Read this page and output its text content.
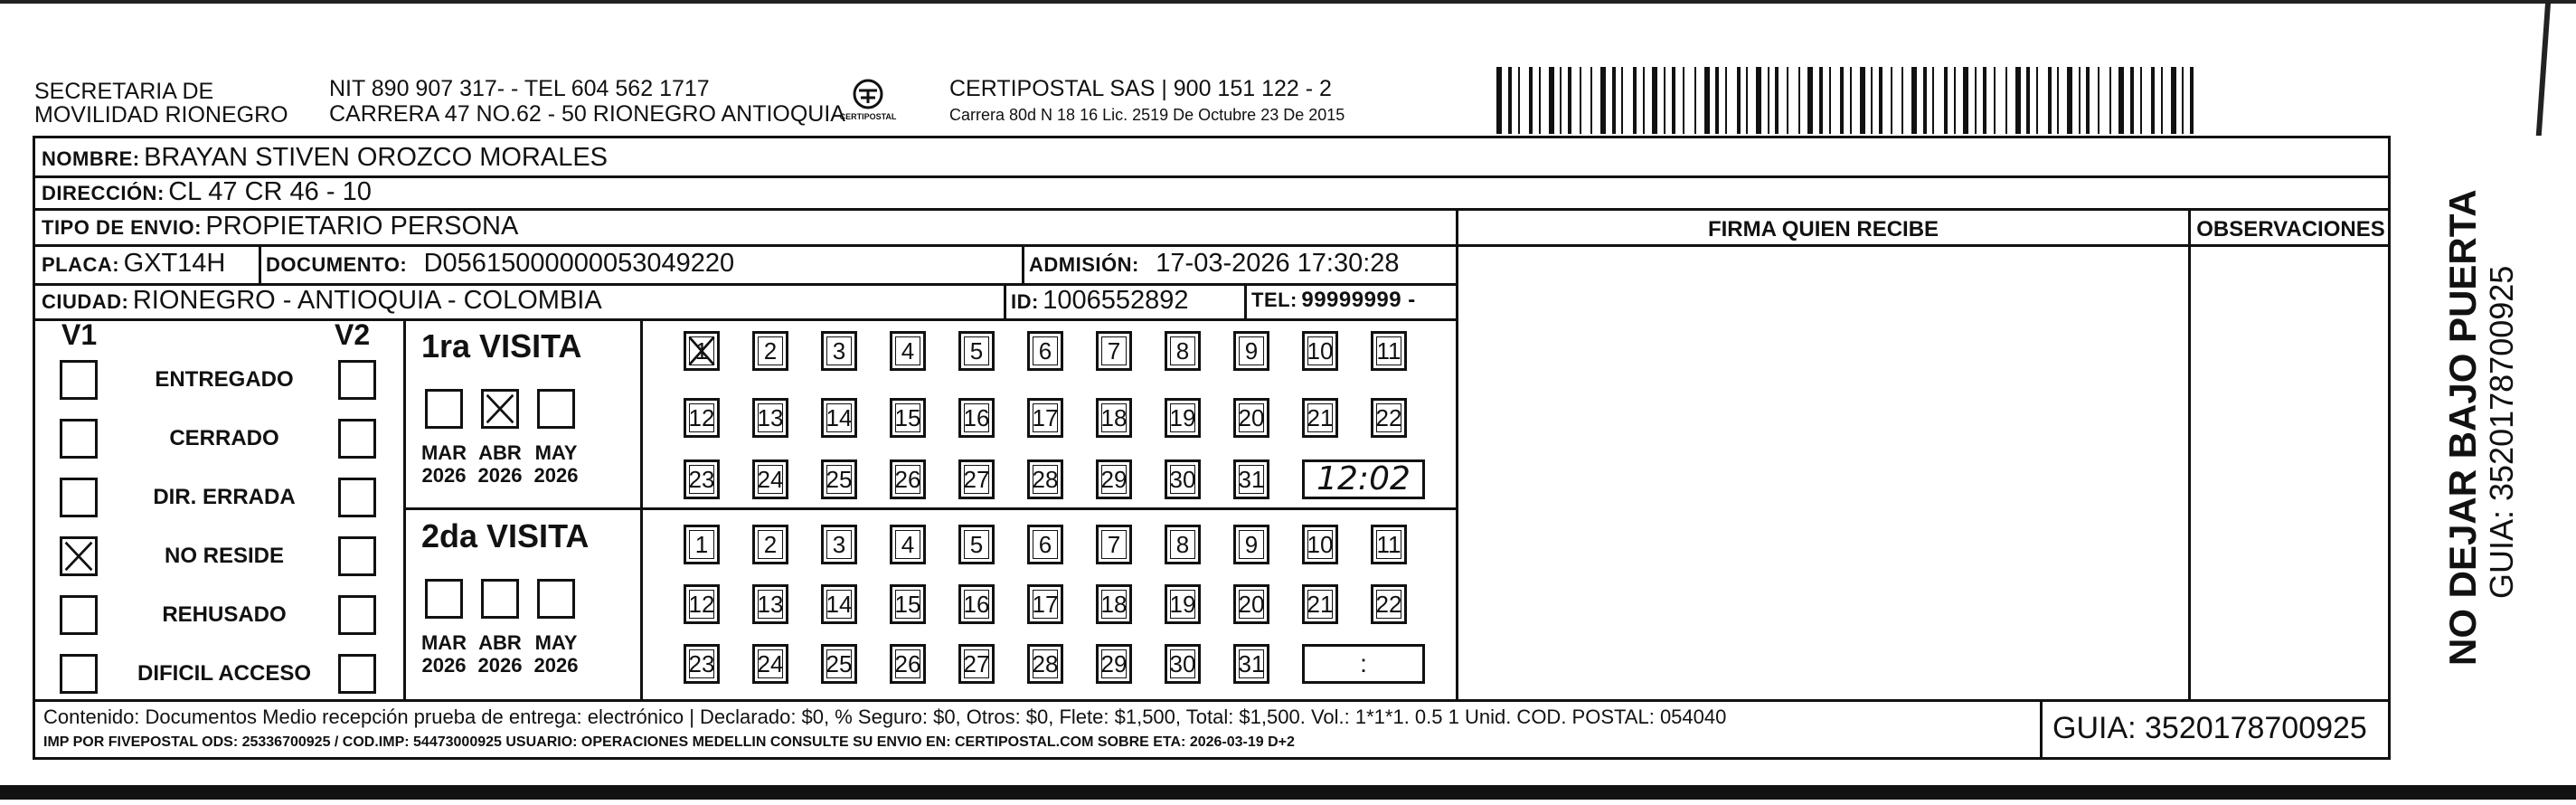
SECRETARIA DE
MOVILIDAD RIONEGRO
NIT 890 907 317- - TEL 604 562 1717
CARRERA 47 NO.62 - 50 RIONEGRO ANTIOQUIA
CERTIPOSTAL
CERTIPOSTAL SAS | 900 151 122 - 2
Carrera 80d N 18 16 Lic. 2519 De Octubre 23 De 2015
NOMBRE: BRAYAN STIVEN OROZCO MORALES
DIRECCIÓN: CL 47 CR 46 - 10
TIPO DE ENVIO: PROPIETARIO PERSONA	FIRMA QUIEN RECIBE	OBSERVACIONES
PLACA: GXT14H DOCUMENTO: D05615000000053049220	ADMISIÓN: 17-03-2026 17:30:28
CIUDAD: RIONEGRO - ANTIOQUIA - COLOMBIA	ID: 1006552892	TEL: 99999999 -
V1	V2
ENTREGADO
CERRADO
DIR. ERRADA
NO RESIDE
REHUSADO
DIFICIL ACCESO
1ra VISITA
2da VISITA
MAR
2026
ABR
2026
MAY
2026
MAR
2026
ABR
2026
MAY
2026
1	2	3	4	5	6	7	8	9	10 11
12 13 14 15 16 17 18 19 20 21 22
23 24 25 26 27 28 29 30 31	12:02
1	2	3	4	5	6	7	8	9	10 11
12 13 14 15 16 17 18 19 20 21 22
23 24 25 26 27 28 29 30 31	:
Contenido: Documentos Medio recepción prueba de entrega: electrónico | Declarado: $0, % Seguro: $0, Otros: $0, Flete: $1,500, Total: $1,500. Vol.: 1*1*1. 0.5 1 Unid. COD. POSTAL: 054040
IMP POR FIVEPOSTAL ODS: 25336700925 / COD.IMP: 54473000925 USUARIO: OPERACIONES MEDELLIN CONSULTE SU ENVIO EN: CERTIPOSTAL.COM SOBRE ETA: 2026-03-19 D+2	GUIA: 3520178700925
NO DEJAR BAJO PUERTA GUIA: 3520178700925
